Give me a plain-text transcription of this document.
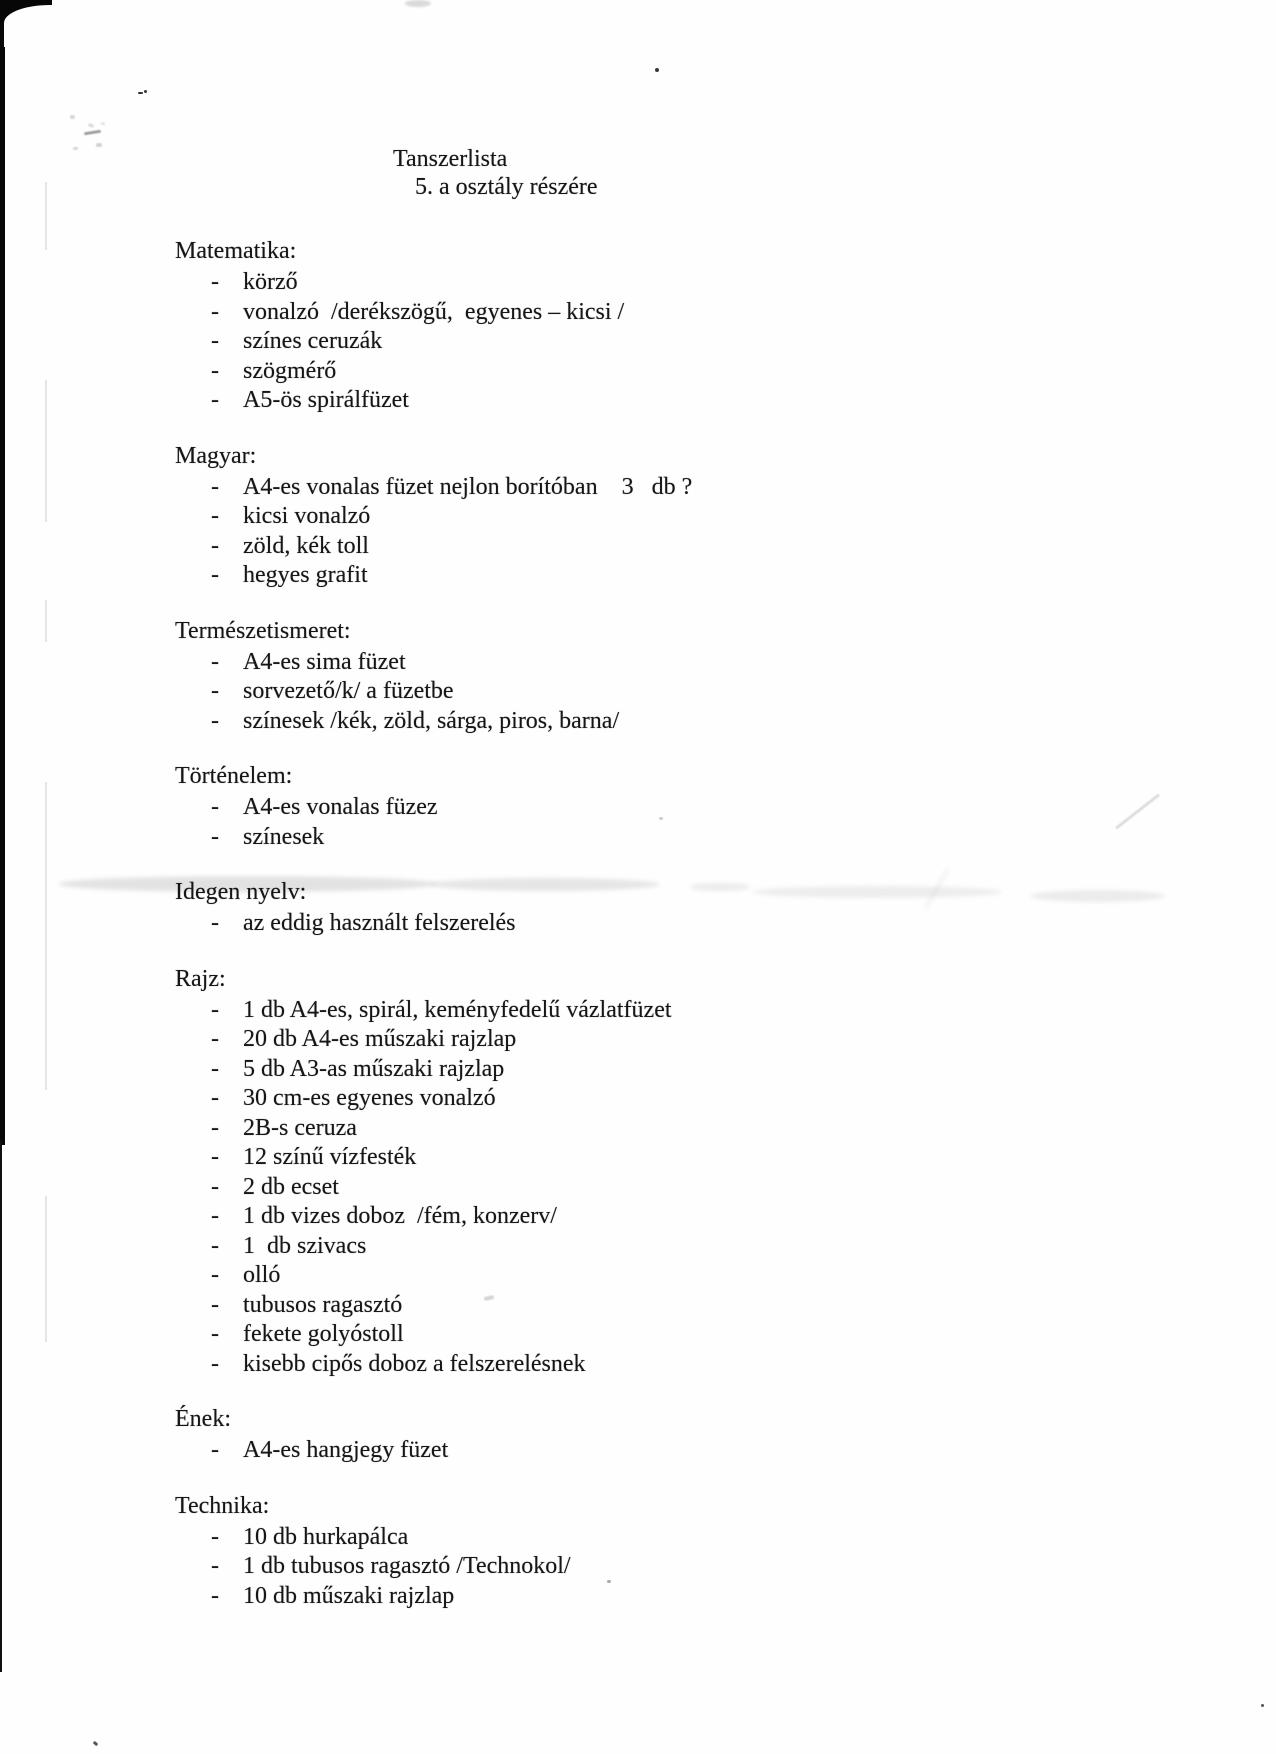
Tanszerlista
5. a osztály részére
Matematika:
- körző
- vonalzó  /derékszögű,  egyenes – kicsi /
- színes ceruzák
- szögmérő
- A5-ös spirálfüzet
Magyar:
- A4-es vonalas füzet nejlon borítóban    3   db ?
- kicsi vonalzó
- zöld, kék toll
- hegyes grafit
Természetismeret:
- A4-es sima füzet
- sorvezető/k/ a füzetbe
- színesek /kék, zöld, sárga, piros, barna/
Történelem:
- A4-es vonalas füzez
- színesek
Idegen nyelv:
- az eddig használt felszerelés
Rajz:
- 1 db A4-es, spirál, keményfedelű vázlatfüzet
- 20 db A4-es műszaki rajzlap
- 5 db A3-as műszaki rajzlap
- 30 cm-es egyenes vonalzó
- 2B-s ceruza
- 12 színű vízfesték
- 2 db ecset
- 1 db vizes doboz  /fém, konzerv/
- 1  db szivacs
- olló
- tubusos ragasztó
- fekete golyóstoll
- kisebb cipős doboz a felszerelésnek
Ének:
- A4-es hangjegy füzet
Technika:
- 10 db hurkapálca
- 1 db tubusos ragasztó /Technokol/
- 10 db műszaki rajzlap
